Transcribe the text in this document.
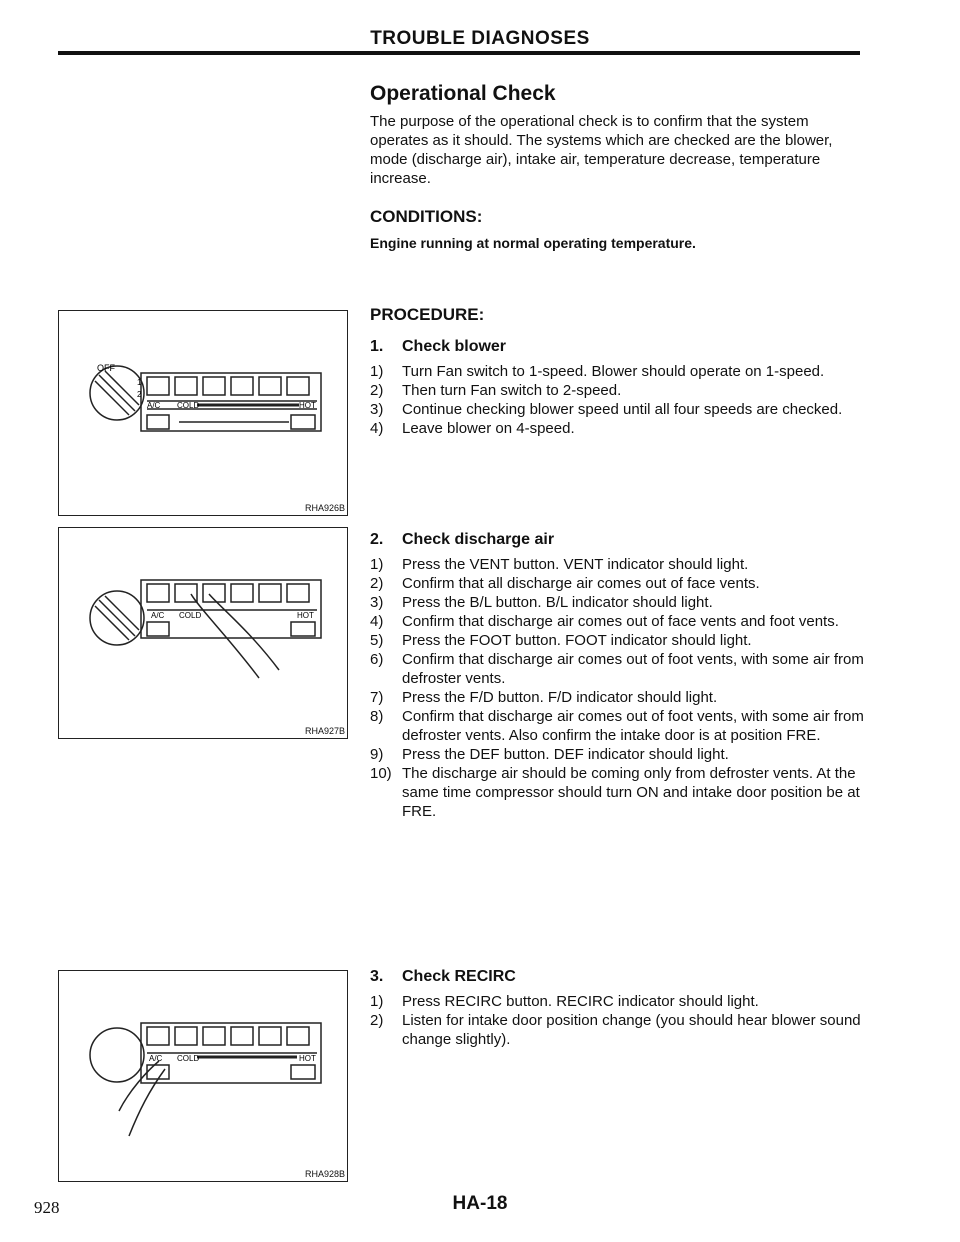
TROUBLE DIAGNOSES
Operational Check

The purpose of the operational check is to confirm that the system operates as it should. The systems which are checked are the blower, mode (discharge air), intake air, temperature decrease, temperature increase.

CONDITIONS:

Engine running at normal operating temperature.

PROCEDURE:
1.	Check blower
1)	Turn Fan switch to 1-speed. Blower should operate on 1-speed.
2)	Then turn Fan switch to 2-speed.
3)	Continue checking blower speed until all four speeds are checked.
4)	Leave blower on 4-speed.
2.	Check discharge air
1)	Press the VENT button. VENT indicator should light.
2)	Confirm that all discharge air comes out of face vents.
3)	Press the B/L button. B/L indicator should light.
4)	Confirm that discharge air comes out of face vents and foot vents.
5)	Press the FOOT button. FOOT indicator should light.
6)	Confirm that discharge air comes out of foot vents, with some air from defroster vents.
7)	Press the F/D button. F/D indicator should light.
8)	Confirm that discharge air comes out of foot vents, with some air from defroster vents. Also confirm the intake door is at position FRE.
9)	Press the DEF button. DEF indicator should light.
10) The discharge air should be coming only from defroster vents. At the same time compressor should turn ON and intake door position be at FRE.
3.	Check RECIRC
1)	Press RECIRC button. RECIRC indicator should light.
2)	Listen for intake door position change (you should hear blower sound change slightly).
OFF
A/C COLD	HOT
1
2
RHA926B
A/C COLD	HOT
RHA927B
A/C COLD	HOT
RHA928B
928	HA-18
